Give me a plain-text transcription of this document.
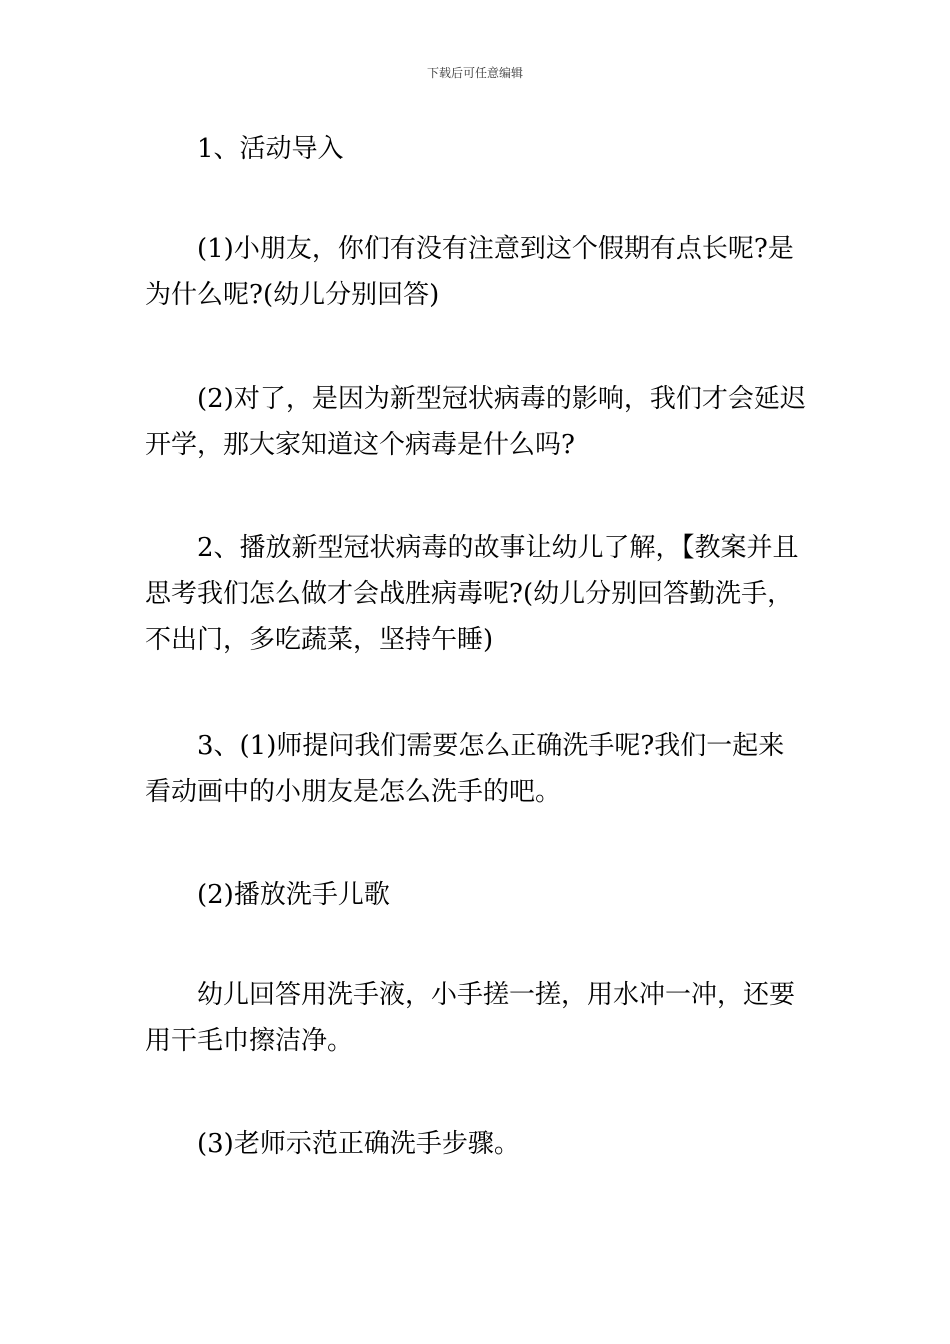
下载后可任意编辑

1、活动导入

(1)小朋友，你们有没有注意到这个假期有点长呢?是为什么呢?(幼儿分别回答)

(2)对了，是因为新型冠状病毒的影响，我们才会延迟开学，那大家知道这个病毒是什么吗?

2、播放新型冠状病毒的故事让幼儿了解，【教案并且思考我们怎么做才会战胜病毒呢?(幼儿分别回答勤洗手，不出门，多吃蔬菜，坚持午睡)

3、(1)师提问我们需要怎么正确洗手呢?我们一起来看动画中的小朋友是怎么洗手的吧。

(2)播放洗手儿歌

幼儿回答用洗手液，小手搓一搓，用水冲一冲，还要用干毛巾擦洁净。

(3)老师示范正确洗手步骤。
